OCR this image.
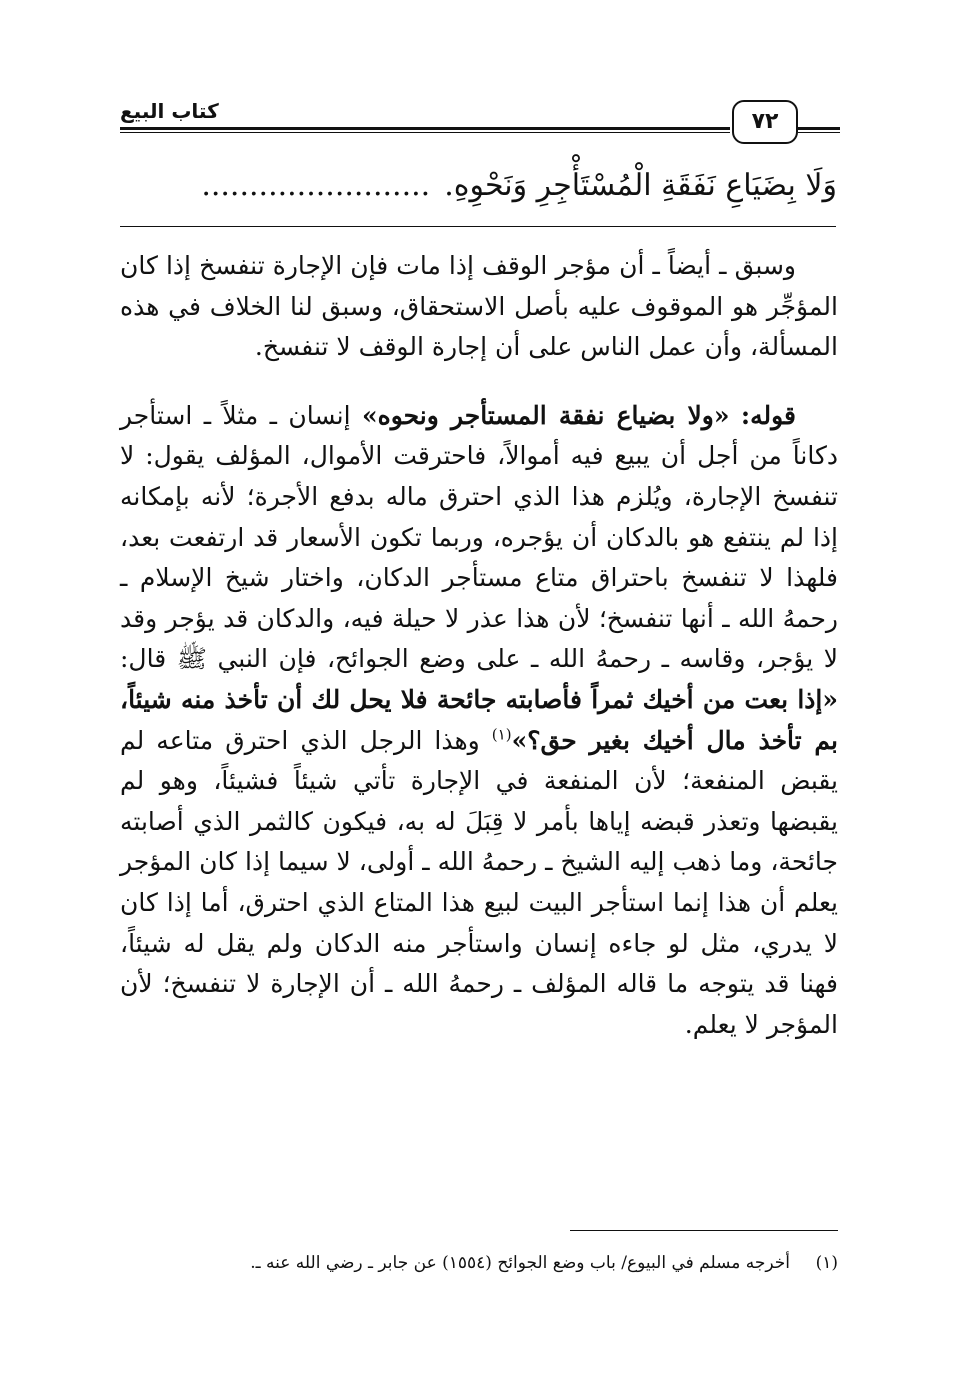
كتاب البيع	٧٢
وَلَا بِضَيَاعِ نَفَقَةِ الْمُسْتَأْجِرِ وَنَحْوِهِ.........................

وسبق ـ أيضاً ـ أن مؤجر الوقف إذا مات فإن الإجارة تنفسخ إذا كان المؤجِّر هو الموقوف عليه بأصل الاستحقاق، وسبق لنا الخلاف في هذه المسألة، وأن عمل الناس على أن إجارة الوقف لا تنفسخ.

قوله: «ولا بضياع نفقة المستأجر ونحوه» إنسان ـ مثلاً ـ استأجر دكاناً من أجل أن يبيع فيه أموالاً، فاحترقت الأموال، المؤلف يقول: لا تنفسخ الإجارة، ويُلزم هذا الذي احترق ماله بدفع الأجرة؛ لأنه بإمكانه إذا لم ينتفع هو بالدكان أن يؤجره، وربما تكون الأسعار قد ارتفعت بعد، فلهذا لا تنفسخ باحتراق متاع مستأجر الدكان، واختار شيخ الإسلام ـ رحمهُ الله ـ أنها تنفسخ؛ لأن هذا عذر لا حيلة فيه، والدكان قد يؤجر وقد لا يؤجر، وقاسه ـ رحمهُ الله ـ على وضع الجوائح، فإن النبي ﷺ قال: «إذا بعت من أخيك ثمراً فأصابته جائحة فلا يحل لك أن تأخذ منه شيئاً، بم تأخذ مال أخيك بغير حق؟»$^{(١)}$ وهذا الرجل الذي احترق متاعه لم يقبض المنفعة؛ لأن المنفعة في الإجارة تأتي شيئاً فشيئاً، وهو لم يقبضها وتعذر قبضه إياها بأمر لا قِبَلَ له به، فيكون كالثمر الذي أصابته جائحة، وما ذهب إليه الشيخ ـ رحمهُ الله ـ أولى، لا سيما إذا كان المؤجر يعلم أن هذا إنما استأجر البيت لبيع هذا المتاع الذي احترق، أما إذا كان لا يدري، مثل لو جاءه إنسان واستأجر منه الدكان ولم يقل له شيئاً، فهنا قد يتوجه ما قاله المؤلف ـ رحمهُ الله ـ أن الإجارة لا تنفسخ؛ لأن المؤجر لا يعلم.

(١)أخرجه مسلم في البيوع/ باب وضع الجوائح (١٥٥٤) عن جابر ـ رضي الله عنه ـ.
